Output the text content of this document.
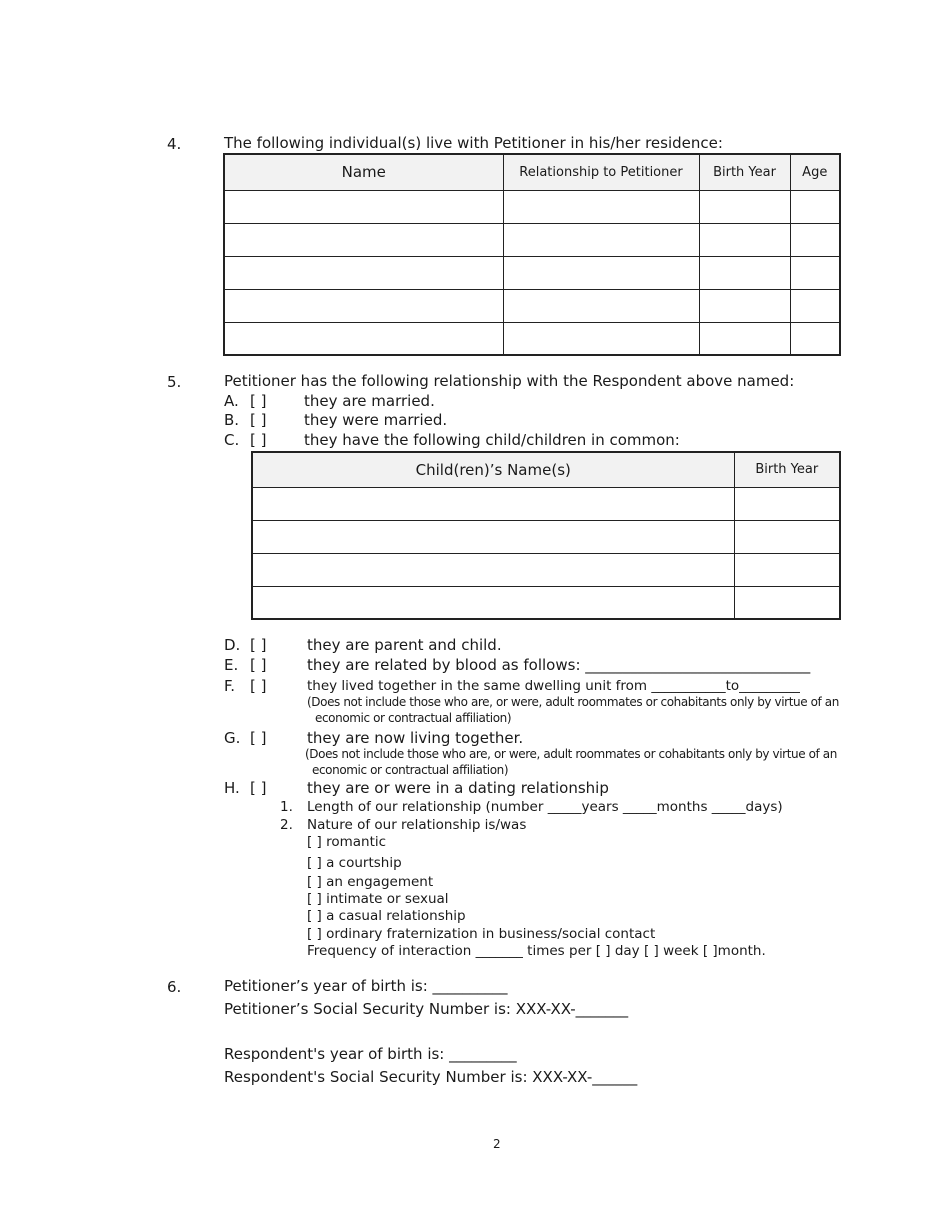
4.	The following individual(s) live with Petitioner in his/her residence:
Name	Relationship to Petitioner	Birth Year	Age

5.	Petitioner has the following relationship with the Respondent above named:
A. [ ]	they are married.
B. [ ]	they were married.
C. [ ]	they have the following child/children in common:
Child(ren)’s Name(s)	Birth Year

D. [ ]	they are parent and child.
E. [ ]	they are related by blood as follows: ______________________________
F. [ ]	they lived together in the same dwelling unit from ___________to_________
(Does not include those who are, or were, adult roommates or cohabitants only by virtue of an
economic or contractual affiliation)
G. [ ]	they are now living together.
(Does not include those who are, or were, adult roommates or cohabitants only by virtue of an
economic or contractual affiliation)
H. [ ]	they are or were in a dating relationship
1. Length of our relationship (number _____years _____months _____days)
2. Nature of our relationship is/was
[ ] romantic
[ ] a courtship
[ ] an engagement
[ ] intimate or sexual
[ ] a casual relationship
[ ] ordinary fraternization in business/social contact
Frequency of interaction _______ times per [ ] day [ ] week [ ]month.
6.	Petitioner’s year of birth is: __________
Petitioner’s Social Security Number is: XXX-XX-_______
Respondent's year of birth is: _________
Respondent's Social Security Number is: XXX-XX-______
2
